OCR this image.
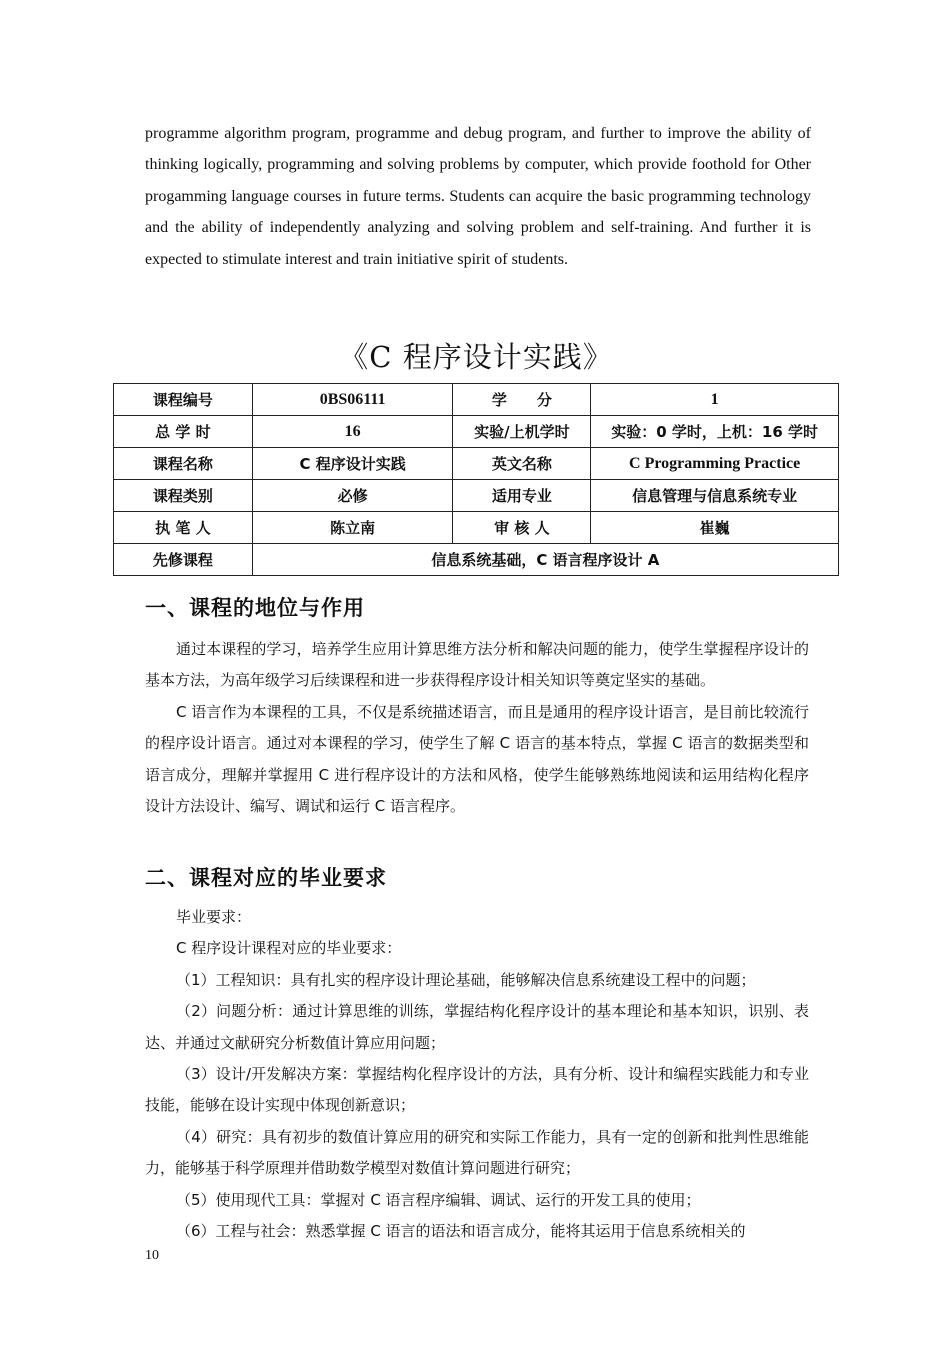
programme algorithm program, programme and debug program, and further to improve the ability of thinking logically, programming and solving problems by computer, which provide foothold for Other progamming language courses in future terms. Students can acquire the basic programming technology and the ability of independently analyzing and solving problem and self-training. And further it is expected to stimulate interest and train initiative spirit of students.

《C 程序设计实践》
课程编号	0BS06111	学　　分	1
总 学 时	16	实验/上机学时	实验：0 学时，上机：16 学时
课程名称	C 程序设计实践	英文名称	C Programming Practice
课程类别	必修	适用专业	信息管理与信息系统专业
执 笔 人	陈立南	审 核 人	崔巍
先修课程	信息系统基础，C 语言程序设计 A		
一、课程的地位与作用

通过本课程的学习，培养学生应用计算思维方法分析和解决问题的能力，使学生掌握程序设计的基本方法，为高年级学习后续课程和进一步获得程序设计相关知识等奠定坚实的基础。

C 语言作为本课程的工具，不仅是系统描述语言，而且是通用的程序设计语言，是目前比较流行的程序设计语言。通过对本课程的学习，使学生了解 C 语言的基本特点，掌握 C 语言的数据类型和语言成分，理解并掌握用 C 进行程序设计的方法和风格，使学生能够熟练地阅读和运用结构化程序设计方法设计、编写、调试和运行 C 语言程序。

二、课程对应的毕业要求

毕业要求：

C 程序设计课程对应的毕业要求：

（1）工程知识：具有扎实的程序设计理论基础，能够解决信息系统建设工程中的问题；

（2）问题分析：通过计算思维的训练，掌握结构化程序设计的基本理论和基本知识，识别、表达、并通过文献研究分析数值计算应用问题；

（3）设计/开发解决方案：掌握结构化程序设计的方法，具有分析、设计和编程实践能力和专业技能，能够在设计实现中体现创新意识；

（4）研究：具有初步的数值计算应用的研究和实际工作能力，具有一定的创新和批判性思维能力，能够基于科学原理并借助数学模型对数值计算问题进行研究；

（5）使用现代工具：掌握对 C 语言程序编辑、调试、运行的开发工具的使用；

（6）工程与社会：熟悉掌握 C 语言的语法和语言成分，能将其运用于信息系统相关的

10
